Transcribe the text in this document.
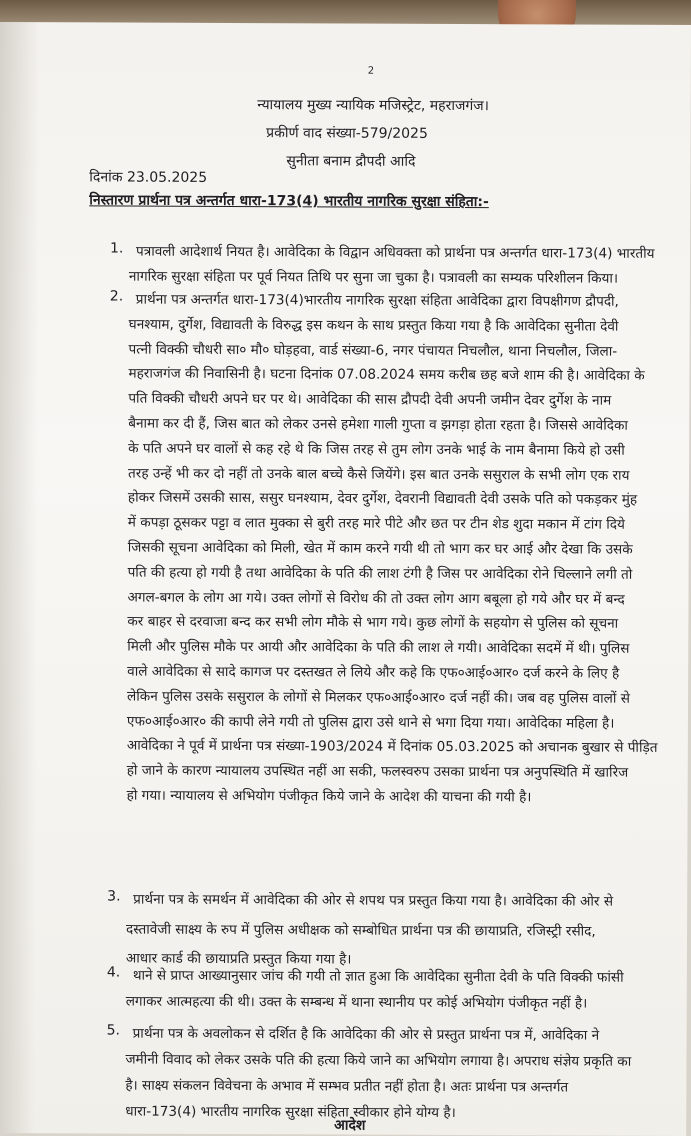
2
न्यायालय मुख्य न्यायिक मजिस्ट्रेट, महराजगंज।
प्रकीर्ण वाद संख्या-579/2025
सुनीता बनाम द्रौपदी आदि
दिनांक 23.05.2025
निस्तारण प्रार्थना पत्र अन्तर्गत धारा-173(4) भारतीय नागरिक सुरक्षा संहिता:-
1. पत्रावली आदेशार्थ नियत है। आवेदिका के विद्वान अधिवक्ता को प्रार्थना पत्र अन्तर्गत धारा-173(4) भारतीय
नागरिक सुरक्षा संहिता पर पूर्व नियत तिथि पर सुना जा चुका है। पत्रावली का सम्यक परिशीलन किया।
2. प्रार्थना पत्र अन्तर्गत धारा-173(4)भारतीय नागरिक सुरक्षा संहिता आवेदिका द्वारा विपक्षीगण द्रौपदी,
घनश्याम, दुर्गेश, विद्यावती के विरुद्ध इस कथन के साथ प्रस्तुत किया गया है कि आवेदिका सुनीता देवी
पत्नी विक्की चौधरी सा० मौ० घोड़हवा, वार्ड संख्या-6, नगर पंचायत निचलौल, थाना निचलौल, जिला-
महराजगंज की निवासिनी है। घटना दिनांक 07.08.2024 समय करीब छह बजे शाम की है। आवेदिका के
पति विक्की चौधरी अपने घर पर थे। आवेदिका की सास द्रौपदी देवी अपनी जमीन देवर दुर्गेश के नाम
बैनामा कर दी हैं, जिस बात को लेकर उनसे हमेशा गाली गुप्ता व झगड़ा होता रहता है। जिससे आवेदिका
के पति अपने घर वालों से कह रहे थे कि जिस तरह से तुम लोग उनके भाई के नाम बैनामा किये हो उसी
तरह उन्हें भी कर दो नहीं तो उनके बाल बच्चे कैसे जियेंगे। इस बात उनके ससुराल के सभी लोग एक राय
होकर जिसमें उसकी सास, ससुर घनश्याम, देवर दुर्गेश, देवरानी विद्यावती देवी उसके पति को पकड़कर मुंह
में कपड़ा ठूसकर पट्टा व लात मुक्का से बुरी तरह मारे पीटे और छत पर टीन शेड शुदा मकान में टांग दिये
जिसकी सूचना आवेदिका को मिली, खेत में काम करने गयी थी तो भाग कर घर आई और देखा कि उसके
पति की हत्या हो गयी है तथा आवेदिका के पति की लाश टंगी है जिस पर आवेदिका रोने चिल्लाने लगी तो
अगल-बगल के लोग आ गये। उक्त लोगों से विरोध की तो उक्त लोग आग बबूला हो गये और घर में बन्द
कर बाहर से दरवाजा बन्द कर सभी लोग मौके से भाग गये। कुछ लोगों के सहयोग से पुलिस को सूचना
मिली और पुलिस मौके पर आयी और आवेदिका के पति की लाश ले गयी। आवेदिका सदमें में थी। पुलिस
वाले आवेदिका से सादे कागज पर दस्तखत ले लिये और कहे कि एफ०आई०आर० दर्ज करने के लिए है
लेकिन पुलिस उसके ससुराल के लोगों से मिलकर एफ०आई०आर० दर्ज नहीं की। जब वह पुलिस वालों से
एफ०आई०आर० की कापी लेने गयी तो पुलिस द्वारा उसे थाने से भगा दिया गया। आवेदिका महिला है।
आवेदिका ने पूर्व में प्रार्थना पत्र संख्या-1903/2024 में दिनांक 05.03.2025 को अचानक बुखार से पीड़ित
हो जाने के कारण न्यायालय उपस्थित नहीं आ सकी, फलस्वरुप उसका प्रार्थना पत्र अनुपस्थिति में खारिज
हो गया। न्यायालय से अभियोग पंजीकृत किये जाने के आदेश की याचना की गयी है।
3. प्रार्थना पत्र के समर्थन में आवेदिका की ओर से शपथ पत्र प्रस्तुत किया गया है। आवेदिका की ओर से
दस्तावेजी साक्ष्य के रुप में पुलिस अधीक्षक को सम्बोधित प्रार्थना पत्र की छायाप्रति, रजिस्ट्री रसीद,
आधार कार्ड की छायाप्रति प्रस्तुत किया गया है।
4. थाने से प्राप्त आख्यानुसार जांच की गयी तो ज्ञात हुआ कि आवेदिका सुनीता देवी के पति विक्की फांसी
लगाकर आत्महत्या की थी। उक्त के सम्बन्ध में थाना स्थानीय पर कोई अभियोग पंजीकृत नहीं है।
5. प्रार्थना पत्र के अवलोकन से दर्शित है कि आवेदिका की ओर से प्रस्तुत प्रार्थना पत्र में, आवेदिका ने
जमीनी विवाद को लेकर उसके पति की हत्या किये जाने का अभियोग लगाया है। अपराध संज्ञेय प्रकृति का
है। साक्ष्य संकलन विवेचना के अभाव में सम्भव प्रतीत नहीं होता है। अतः प्रार्थना पत्र अन्तर्गत
धारा-173(4) भारतीय नागरिक सुरक्षा संहिता स्वीकार होने योग्य है।
आदेश
